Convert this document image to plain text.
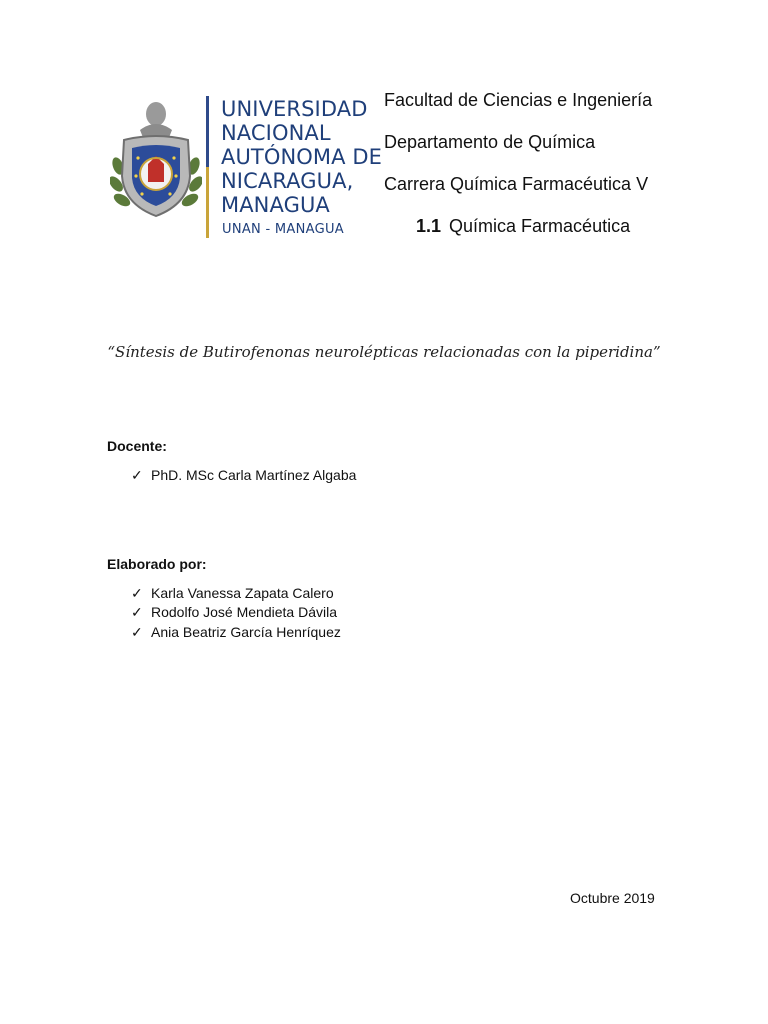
UNIVERSIDAD
NACIONAL
AUTÓNOMA DE
NICARAGUA,
MANAGUA
UNAN - MANAGUA
Facultad de Ciencias e Ingeniería
Departamento de Química
Carrera Química Farmacéutica V
1.1 Química Farmacéutica
“Síntesis de Butirofenonas neurolépticas relacionadas con la piperidina”
Docente:
✓ PhD. MSc Carla Martínez Algaba
Elaborado por:
✓ Karla Vanessa Zapata Calero
✓ Rodolfo José Mendieta Dávila
✓ Ania Beatriz García Henríquez
Octubre 2019
